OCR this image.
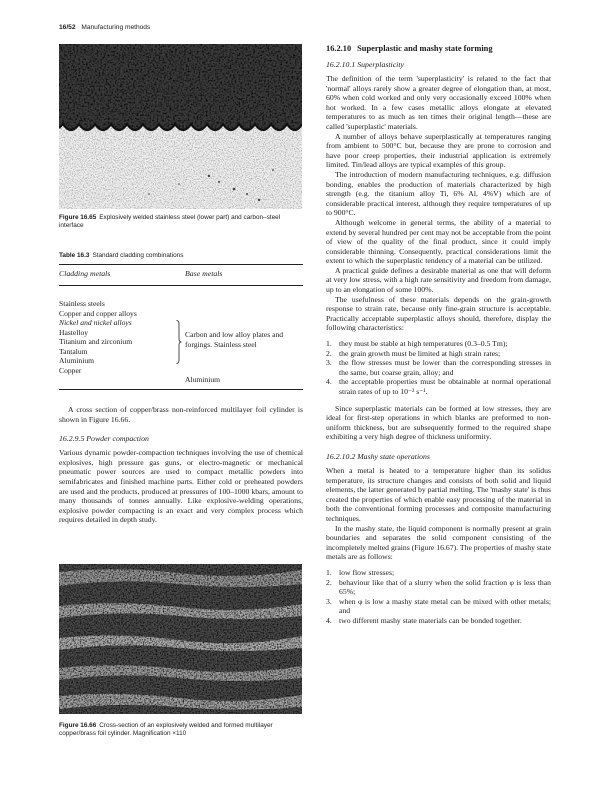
16/52 Manufacturing methods
Figure 16.65 Explosively welded stainless steel (lower part) and carbon–steel interface
Table 16.3 Standard cladding combinations
Cladding metals	Base metals
Stainless steels
Copper and copper alloys
Nickel and nickel alloys
Hastelloy
Titanium and zirconium
Tantalum
Aluminium
Copper
Carbon and low alloy plates and forgings. Stainless steel
Aluminium

A cross section of copper/brass non-reinforced multilayer foil cylinder is shown in Figure 16.66.

16.2.9.5 Powder compaction

Various dynamic powder-compaction techniques involving the use of chemical explosives, high pressure gas guns, or electro-magnetic or mechanical pneumatic power sources are used to compact metallic powders into semifabricates and finished machine parts. Either cold or preheated powders are used and the products, produced at pressures of 100–1000 kbars, amount to many thousands of tonnes annually. Like explosive-welding operations, explosive powder compacting is an exact and very complex process which requires detailed in depth study.

Figure 16.66 Cross-section of an explosively welded and formed multilayer copper/brass foil cylinder. Magnification ×110
16.2.10 Superplastic and mashy state forming
16.2.10.1 Superplasticity

The definition of the term 'superplasticity' is related to the fact that 'normal' alloys rarely show a greater degree of elongation than, at most, 60% when cold worked and only very occasionally exceed 100% when hot worked. In a few cases metallic alloys elongate at elevated temperatures to as much as ten times their original length—these are called 'superplastic' materials.

A number of alloys behave superplastically at temperatures ranging from ambient to 500°C but, because they are prone to corrosion and have poor creep properties, their industrial application is extremely limited. Tin/lead alloys are typical examples of this group.

The introduction of modern manufacturing techniques, e.g. diffusion bonding, enables the production of materials characterized by high strength (e.g. the titanium alloy Ti, 6% Al, 4%V) which are of considerable practical interest, although they require temperatures of up to 900°C.

Although welcome in general terms, the ability of a material to extend by several hundred per cent may not be acceptable from the point of view of the quality of the final product, since it could imply considerable thinning. Consequently, practical considerations limit the extent to which the superplastic tendency of a material can be utilized.

A practical guide defines a desirable material as one that will deform at very low stress, with a high rate sensitivity and freedom from damage, up to an elongation of some 100%.

The usefulness of these materials depends on the grain-growth response to strain rate, because only fine-grain structure is acceptable. Practically acceptable superplastic alloys should, therefore, display the following characteristics:

1. they must be stable at high temperatures (0.3–0.5 Tm);
2. the grain growth must be limited at high strain rates;
3. the flow stresses must be lower than the corresponding stresses in the same, but coarse grain, alloy; and
4. the acceptable properties must be obtainable at normal operational strain rates of up to 10⁻² s⁻¹.

Since superplastic materials can be formed at low stresses, they are ideal for first-step operations in which blanks are preformed to non-uniform thickness, but are subsequently formed to the required shape exhibiting a very high degree of thickness uniformity.

16.2.10.2 Mashy state operations

When a metal is heated to a temperature higher than its solidus temperature, its structure changes and consists of both solid and liquid elements, the latter generated by partial melting. The 'mashy state' is thus created the properties of which enable easy processing of the material in both the conventional forming processes and composite manufacturing techniques.

In the mashy state, the liquid component is normally present at grain boundaries and separates the solid component consisting of the incompletely melted grains (Figure 16.67). The properties of mashy state metals are as follows:

1. low flow stresses;
2. behaviour like that of a slurry when the solid fraction φ is less than 65%;
3. when φ is low a mashy state metal can be mixed with other metals; and
4. two different mashy state materials can be bonded together.
